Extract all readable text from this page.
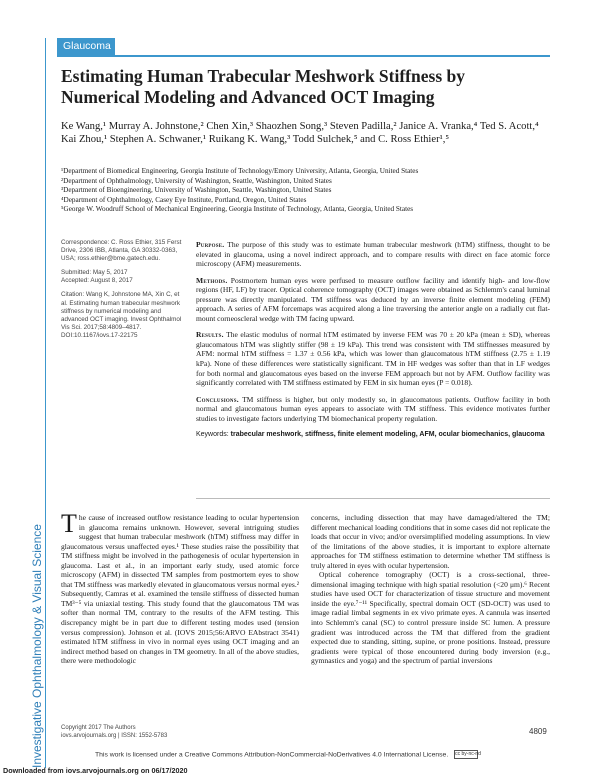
Investigative Ophthalmology & Visual Science
Glaucoma
Estimating Human Trabecular Meshwork Stiffness by Numerical Modeling and Advanced OCT Imaging
Ke Wang,¹ Murray A. Johnstone,² Chen Xin,³ Shaozhen Song,³ Steven Padilla,² Janice A. Vranka,⁴ Ted S. Acott,⁴ Kai Zhou,¹ Stephen A. Schwaner,¹ Ruikang K. Wang,³ Todd Sulchek,⁵ and C. Ross Ethier¹,⁵
¹Department of Biomedical Engineering, Georgia Institute of Technology/Emory University, Atlanta, Georgia, United States
²Department of Ophthalmology, University of Washington, Seattle, Washington, United States
³Department of Bioengineering, University of Washington, Seattle, Washington, United States
⁴Department of Ophthalmology, Casey Eye Institute, Portland, Oregon, United States
⁵George W. Woodruff School of Mechanical Engineering, Georgia Institute of Technology, Atlanta, Georgia, United States

Correspondence: C. Ross Ethier, 315 Ferst Drive, 2306 IBB, Atlanta, GA 30332-0363, USA; ross.ethier@bme.gatech.edu.

Submitted: May 5, 2017

Accepted: August 8, 2017

Citation: Wang K, Johnstone MA, Xin C, et al. Estimating human trabecular meshwork stiffness by numerical modeling and advanced OCT imaging. Invest Ophthalmol Vis Sci. 2017;58:4809–4817. DOI:10.1167/iovs.17-22175

Purpose. The purpose of this study was to estimate human trabecular meshwork (hTM) stiffness, thought to be elevated in glaucoma, using a novel indirect approach, and to compare results with direct en face atomic force microscopy (AFM) measurements.

Methods. Postmortem human eyes were perfused to measure outflow facility and identify high- and low-flow regions (HF, LF) by tracer. Optical coherence tomography (OCT) images were obtained as Schlemm's canal luminal pressure was directly manipulated. TM stiffness was deduced by an inverse finite element modeling (FEM) approach. A series of AFM forcemaps was acquired along a line traversing the anterior angle on a radially cut flat-mount corneoscleral wedge with TM facing upward.

Results. The elastic modulus of normal hTM estimated by inverse FEM was 70 ± 20 kPa (mean ± SD), whereas glaucomatous hTM was slightly stiffer (98 ± 19 kPa). This trend was consistent with TM stiffnesses measured by AFM: normal hTM stiffness = 1.37 ± 0.56 kPa, which was lower than glaucomatous hTM stiffness (2.75 ± 1.19 kPa). None of these differences were statistically significant. TM in HF wedges was softer than that in LF wedges for both normal and glaucomatous eyes based on the inverse FEM approach but not by AFM. Outflow facility was significantly correlated with TM stiffness estimated by FEM in six human eyes (P = 0.018).

Conclusions. TM stiffness is higher, but only modestly so, in glaucomatous patients. Outflow facility in both normal and glaucomatous human eyes appears to associate with TM stiffness. This evidence motivates further studies to investigate factors underlying TM biomechanical property regulation.

Keywords: trabecular meshwork, stiffness, finite element modeling, AFM, ocular biomechanics, glaucoma

The cause of increased outflow resistance leading to ocular hypertension in glaucoma remains unknown. However, several intriguing studies suggest that human trabecular meshwork (hTM) stiffness may differ in glaucomatous versus unaffected eyes.¹ These studies raise the possibility that TM stiffness might be involved in the pathogenesis of ocular hypertension in glaucoma. Last et al., in an important early study, used atomic force microscopy (AFM) in dissected TM samples from postmortem eyes to show that TM stiffness was markedly elevated in glaucomatous versus normal eyes.² Subsequently, Camras et al. examined the tensile stiffness of dissected human TM³⁻⁵ via uniaxial testing. This study found that the glaucomatous TM was softer than normal TM, contrary to the results of the AFM testing. This discrepancy might be in part due to different testing modes used (tension versus compression). Johnson et al. (IOVS 2015;56:ARVO EAbstract 3541) estimated hTM stiffness in vivo in normal eyes using OCT imaging and an indirect method based on changes in TM geometry. In all of the above studies, there were methodologic

concerns, including dissection that may have damaged/altered the TM; different mechanical loading conditions that in some cases did not replicate the loads that occur in vivo; and/or oversimplified modeling assumptions. In view of the limitations of the above studies, it is important to explore alternate approaches for TM stiffness estimation to determine whether TM stiffness is truly altered in eyes with ocular hypertension.

Optical coherence tomography (OCT) is a cross-sectional, three-dimensional imaging technique with high spatial resolution (<20 μm).⁶ Recent studies have used OCT for characterization of tissue structure and movement inside the eye.⁷⁻¹¹ Specifically, spectral domain OCT (SD-OCT) was used to image radial limbal segments in ex vivo primate eyes. A cannula was inserted into Schlemm's canal (SC) to control pressure inside SC lumen. A pressure gradient was introduced across the TM that differed from the gradient expected due to standing, sitting, supine, or prone positions. Instead, pressure gradients were typical of those encountered during body inversion (e.g., gymnastics and yoga) and the spectrum of partial inversions

Copyright 2017 The Authors
iovs.arvojournals.org | ISSN: 1552-5783	4809
This work is licensed under a Creative Commons Attribution-NonCommercial-NoDerivatives 4.0 International License. cc by-nc-nd
Downloaded from iovs.arvojournals.org on 06/17/2020
